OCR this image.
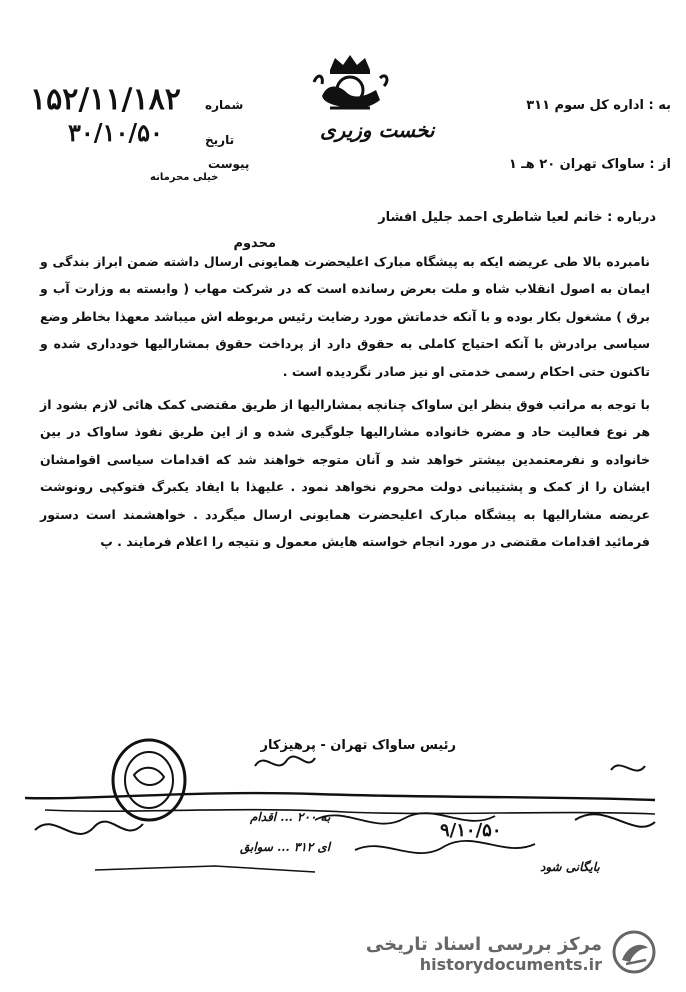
۱۵۲/۱۱/۱۸۲
۳۰/۱۰/۵۰
شماره
تاریخ
پیوست
خیلی محرمانه
نخست وزیری
به : اداره کل سوم ۳۱۱
از : ساواک تهران ۲۰ هـ ۱
درباره : خانم لعیا شاطری احمد جلیل افشار
محدوم

نامبرده بالا طی عریضه ایکه به پیشگاه مبارک اعلیحضرت همایونی ارسال داشته ضمن ابراز بندگی و ایمان به اصول انقلاب شاه و ملت بعرض رسانده است که در شرکت مهاب ( وابسته به وزارت آب و برق ) مشغول بکار بوده و با آنکه خدماتش مورد رضایت رئیس مربوطه اش میباشد معهذا بخاطر وضع سیاسی برادرش با آنکه احتیاج کاملی به حقوق دارد از پرداخت حقوق بمشارالیها خودداری شده و تاکنون حتی احکام رسمی خدمتی او نیز صادر نگردیده است .

با توجه به مراتب فوق بنظر این ساواک چنانچه بمشارالیها از طریق مقتضی کمک هائی لازم بشود از هر نوع فعالیت حاد و مضره خانواده مشارالیها جلوگیری شده و از این طریق نفوذ ساواک در بین خانواده و نفرمعتمدین بیشتر خواهد شد و آنان متوجه خواهند شد که اقدامات سیاسی اقوامشان ایشان را از کمک و پشتیبانی دولت محروم نخواهد نمود . علیهذا با ایفاد یکبرگ فتوکپی رونوشت عریضه مشارالیها به پیشگاه مبارک اعلیحضرت همایونی ارسال میگردد . خواهشمند است دستور فرمائید اقدامات مقتضی در مورد انجام خواسته هایش معمول و نتیجه را اعلام فرمایند . پ

رئیس ساواک تهران - پرهیزکار
۹/۱۰/۵۰
به ۲۰۰ ... اقدام
ای ۳۱۲ ... سوابق
بایگانی شود
مرکز بررسی اسناد تاریخی
historydocuments.ir
